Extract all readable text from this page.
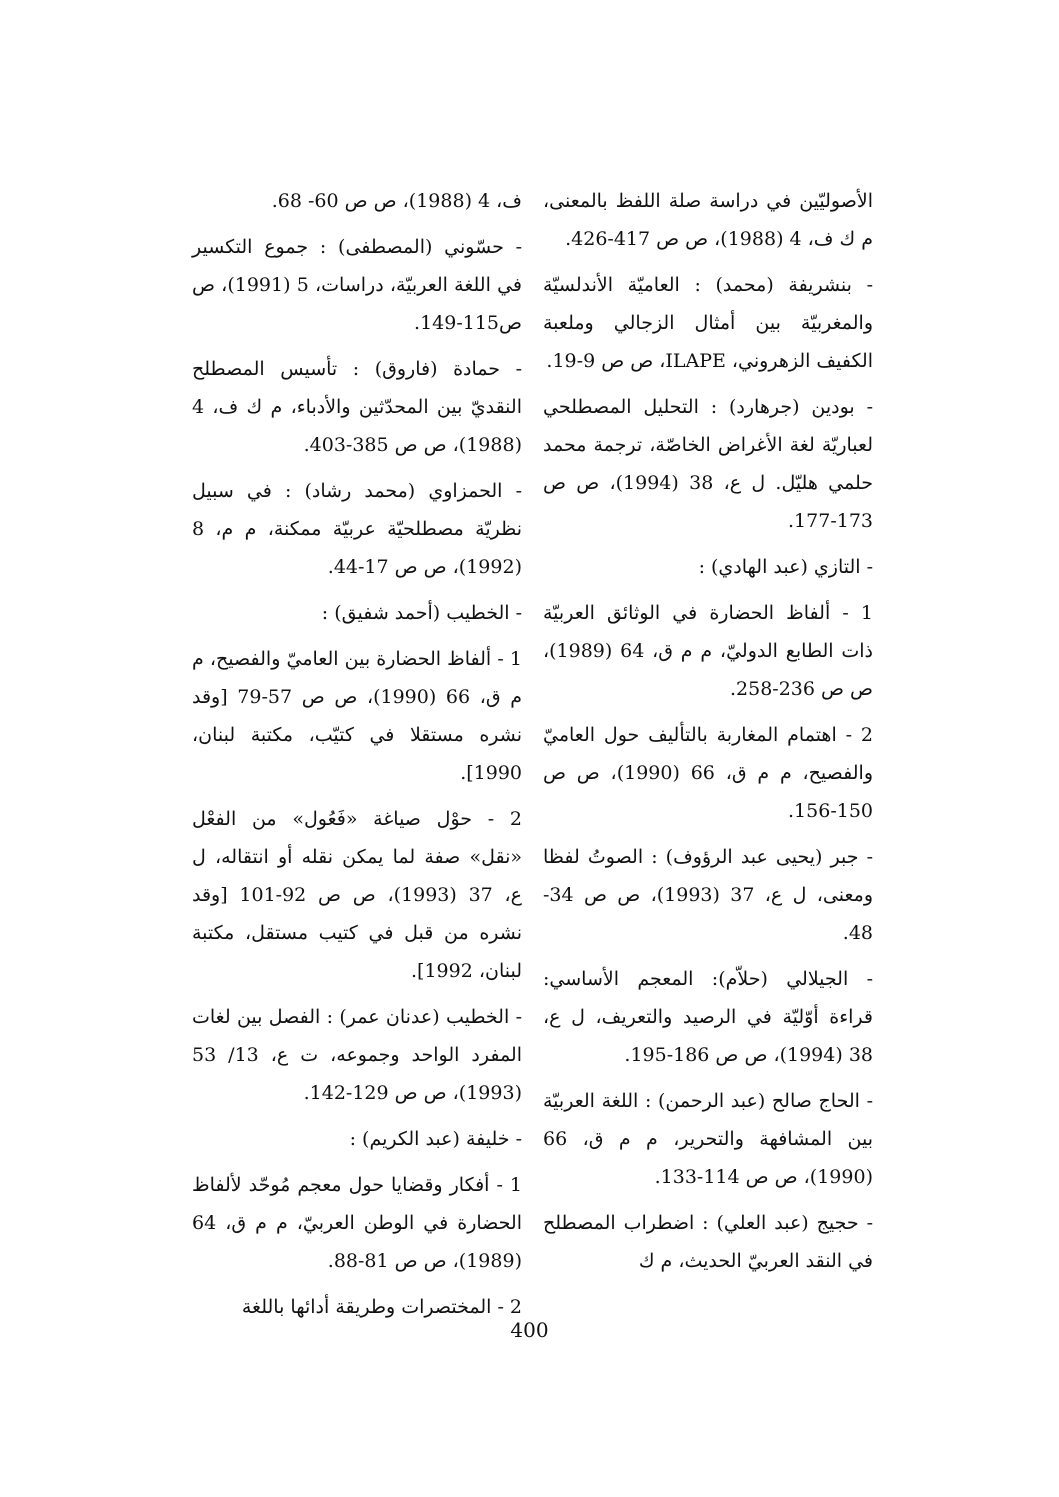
الأصوليّين في دراسة صلة اللفظ بالمعنى، م ك ف، 4 (1988)، ص ص 417-426.

- بنشريفة (محمد) : العاميّة الأندلسيّة والمغربيّة بين أمثال الزجالي وملعبة الكفيف الزهروني، ILAPE، ص ص 9-19.

- بودين (جرهارد) : التحليل المصطلحي لعباريّة لغة الأغراض الخاصّة، ترجمة محمد حلمي هليّل. ل ع، 38 (1994)، ص ص 173-177.

- التازي (عبد الهادي) :

1 - ألفاظ الحضارة في الوثائق العربيّة ذات الطابع الدوليّ، م م ق، 64 (1989)، ص ص 236-258.

2 - اهتمام المغاربة بالتأليف حول العاميّ والفصيح، م م ق، 66 (1990)، ص ص 150-156.

- جبر (يحيى عبد الرؤوف) : الصوتُ لفظا ومعنى، ل ع، 37 (1993)، ص ص 34-48.

- الجيلالي (حلاّم): المعجم الأساسي: قراءة أوّليّة في الرصيد والتعريف، ل ع، 38 (1994)، ص ص 186-195.

- الحاج صالح (عبد الرحمن) : اللغة العربيّة بين المشافهة والتحرير، م م ق، 66 (1990)، ص ص 114-133.

- حجيج (عبد العلي) : اضطراب المصطلح في النقد العربيّ الحديث، م ك

ف، 4 (1988)، ص ص 60- 68.

- حسّوني (المصطفى) : جموع التكسير في اللغة العربيّة، دراسات، 5 (1991)، ص ص115-149.

- حمادة (فاروق) : تأسيس المصطلح النقديّ بين المحدّثين والأدباء، م ك ف، 4 (1988)، ص ص 385-403.

- الحمزاوي (محمد رشاد) : في سبيل نظريّة مصطلحيّة عربيّة ممكنة، م م، 8 (1992)، ص ص 17-44.

- الخطيب (أحمد شفيق) :

1 - ألفاظ الحضارة بين العاميّ والفصيح، م م ق، 66 (1990)، ص ص 57-79 [وقد نشره مستقلا في كتيّب، مكتبة لبنان، 1990].

2 - حوْل صياغة «فَعُول» من الفعْل «نقل» صفة لما يمكن نقله أو انتقاله، ل ع، 37 (1993)، ص ص 92-101 [وقد نشره من قبل في كتيب مستقل، مكتبة لبنان، 1992].

- الخطيب (عدنان عمر) : الفصل بين لغات المفرد الواحد وجموعه، ت ع، 13/ 53 (1993)، ص ص 129-142.

- خليفة (عبد الكريم) :

1 - أفكار وقضايا حول معجم مُوحّد لألفاظ الحضارة في الوطن العربيّ، م م ق، 64 (1989)، ص ص 81-88.

2 - المختصرات وطريقة أدائها باللغة

400
